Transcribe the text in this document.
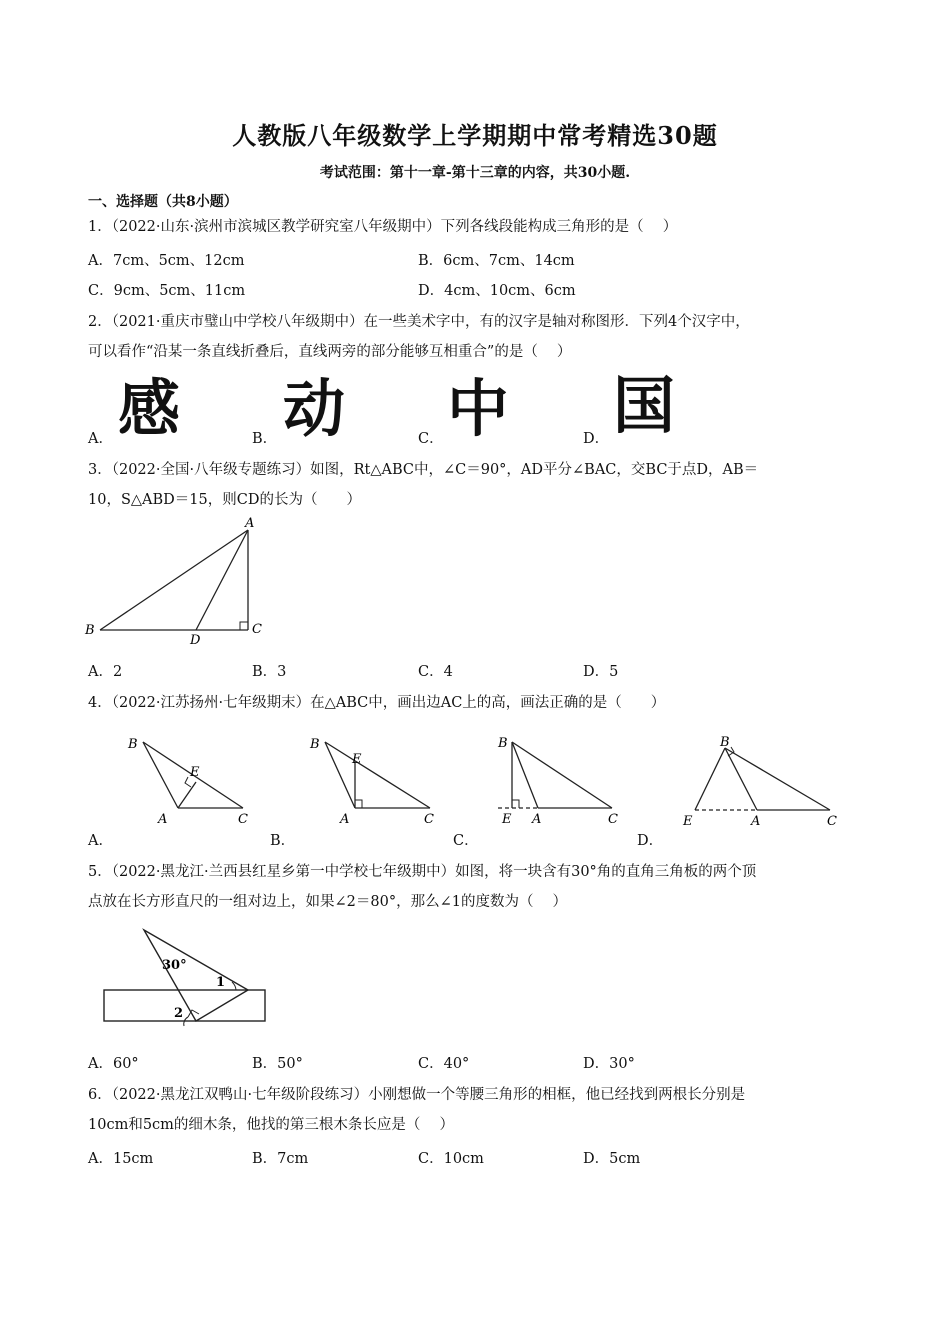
人教版八年级数学上学期期中常考精选30题
考试范围：第十一章-第十三章的内容，共30小题.
一、选择题（共8小题）
1．（2022·山东·滨州市滨城区教学研究室八年级期中）下列各线段能构成三角形的是（　 ）
A．7cm、5cm、12cm	B．6cm、7cm、14cm
C．9cm、5cm、11cm	D．4cm、10cm、6cm
2．（2021·重庆市璧山中学校八年级期中）在一些美术字中，有的汉字是轴对称图形．下列4个汉字中，
可以看作“沿某一条直线折叠后，直线两旁的部分能够互相重合”的是（　 ）
A． 感	B． 动	C． 中	D． 国
3．（2022·全国·八年级专题练习）如图，Rt△ABC中，∠C＝90°，AD平分∠BAC，交BC于点D，AB＝
10，S△ABD＝15，则CD的长为（　　）
A
B	C
D
A．2	B．3	C．4	D．5
4．（2022·江苏扬州·七年级期末）在△ABC中，画出边AC上的高，画法正确的是（　　）
B
E
A	C
B
E
A	C
B
E A	C
B
E	A	C
A．	B．	C．	D．
5．（2022·黑龙江·兰西县红星乡第一中学校七年级期中）如图，将一块含有30°角的直角三角板的两个顶
点放在长方形直尺的一组对边上，如果∠2＝80°，那么∠1的度数为（　 ）
30°
1
2
A．60°	B．50°	C．40°	D．30°
6．（2022·黑龙江双鸭山·七年级阶段练习）小刚想做一个等腰三角形的相框，他已经找到两根长分别是
10cm和5cm的细木条，他找的第三根木条长应是（　 ）
A．15cm	B．7cm	C．10cm	D．5cm
